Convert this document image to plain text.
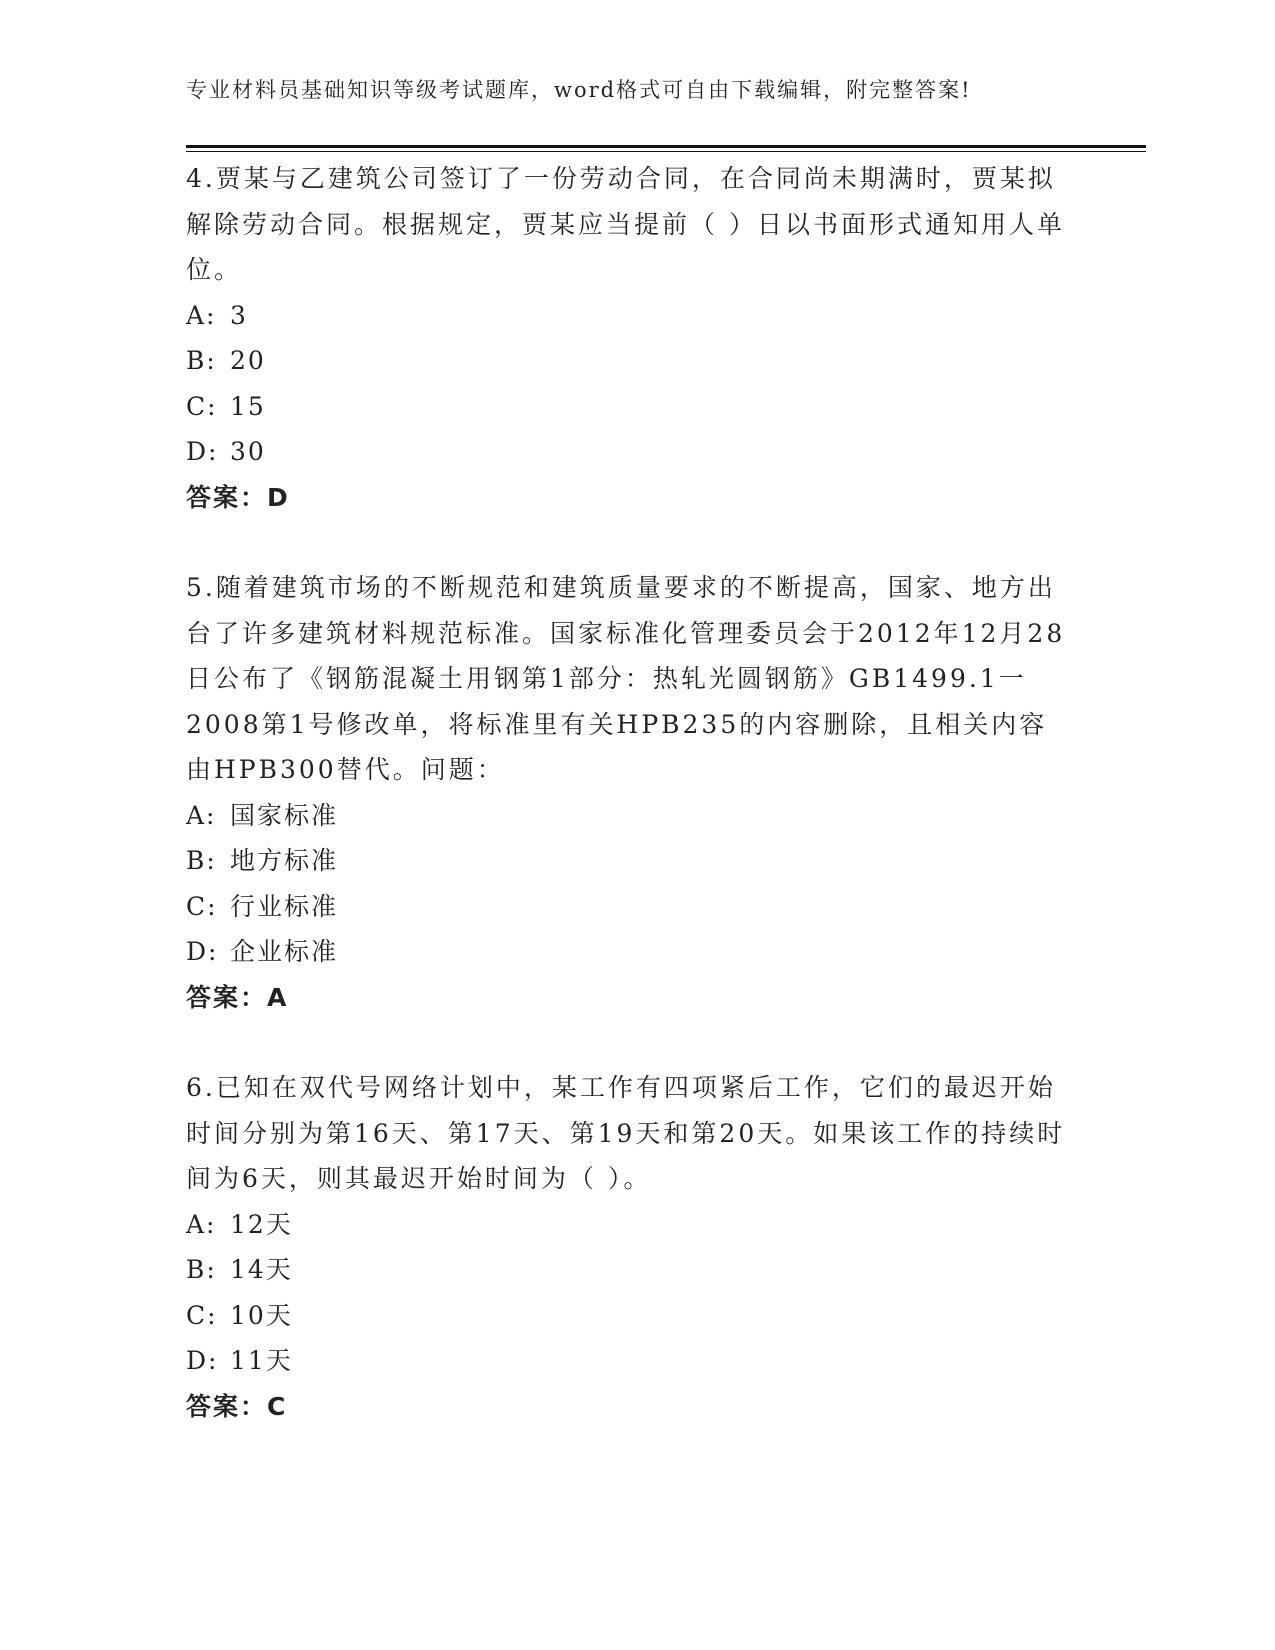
专业材料员基础知识等级考试题库，word格式可自由下载编辑，附完整答案!

4.贾某与乙建筑公司签订了一份劳动合同，在合同尚未期满时，贾某拟解除劳动合同。根据规定，贾某应当提前（ ）日以书面形式通知用人单位。

A: 3
B: 20
C: 15
D: 30

答案：D

5.随着建筑市场的不断规范和建筑质量要求的不断提高，国家、地方出台了许多建筑材料规范标准。国家标准化管理委员会于2012年12月28日公布了《钢筋混凝土用钢第1部分：热轧光圆钢筋》GB1499.1一2008第1号修改单，将标准里有关HPB235的内容删除，且相关内容由HPB300替代。问题：

A: 国家标准
B: 地方标准
C: 行业标准
D: 企业标准

答案：A

6.已知在双代号网络计划中，某工作有四项紧后工作，它们的最迟开始时间分别为第16天、第17天、第19天和第20天。如果该工作的持续时间为6天，则其最迟开始时间为（ ）。

A: 12天
B: 14天
C: 10天
D: 11天

答案：C
